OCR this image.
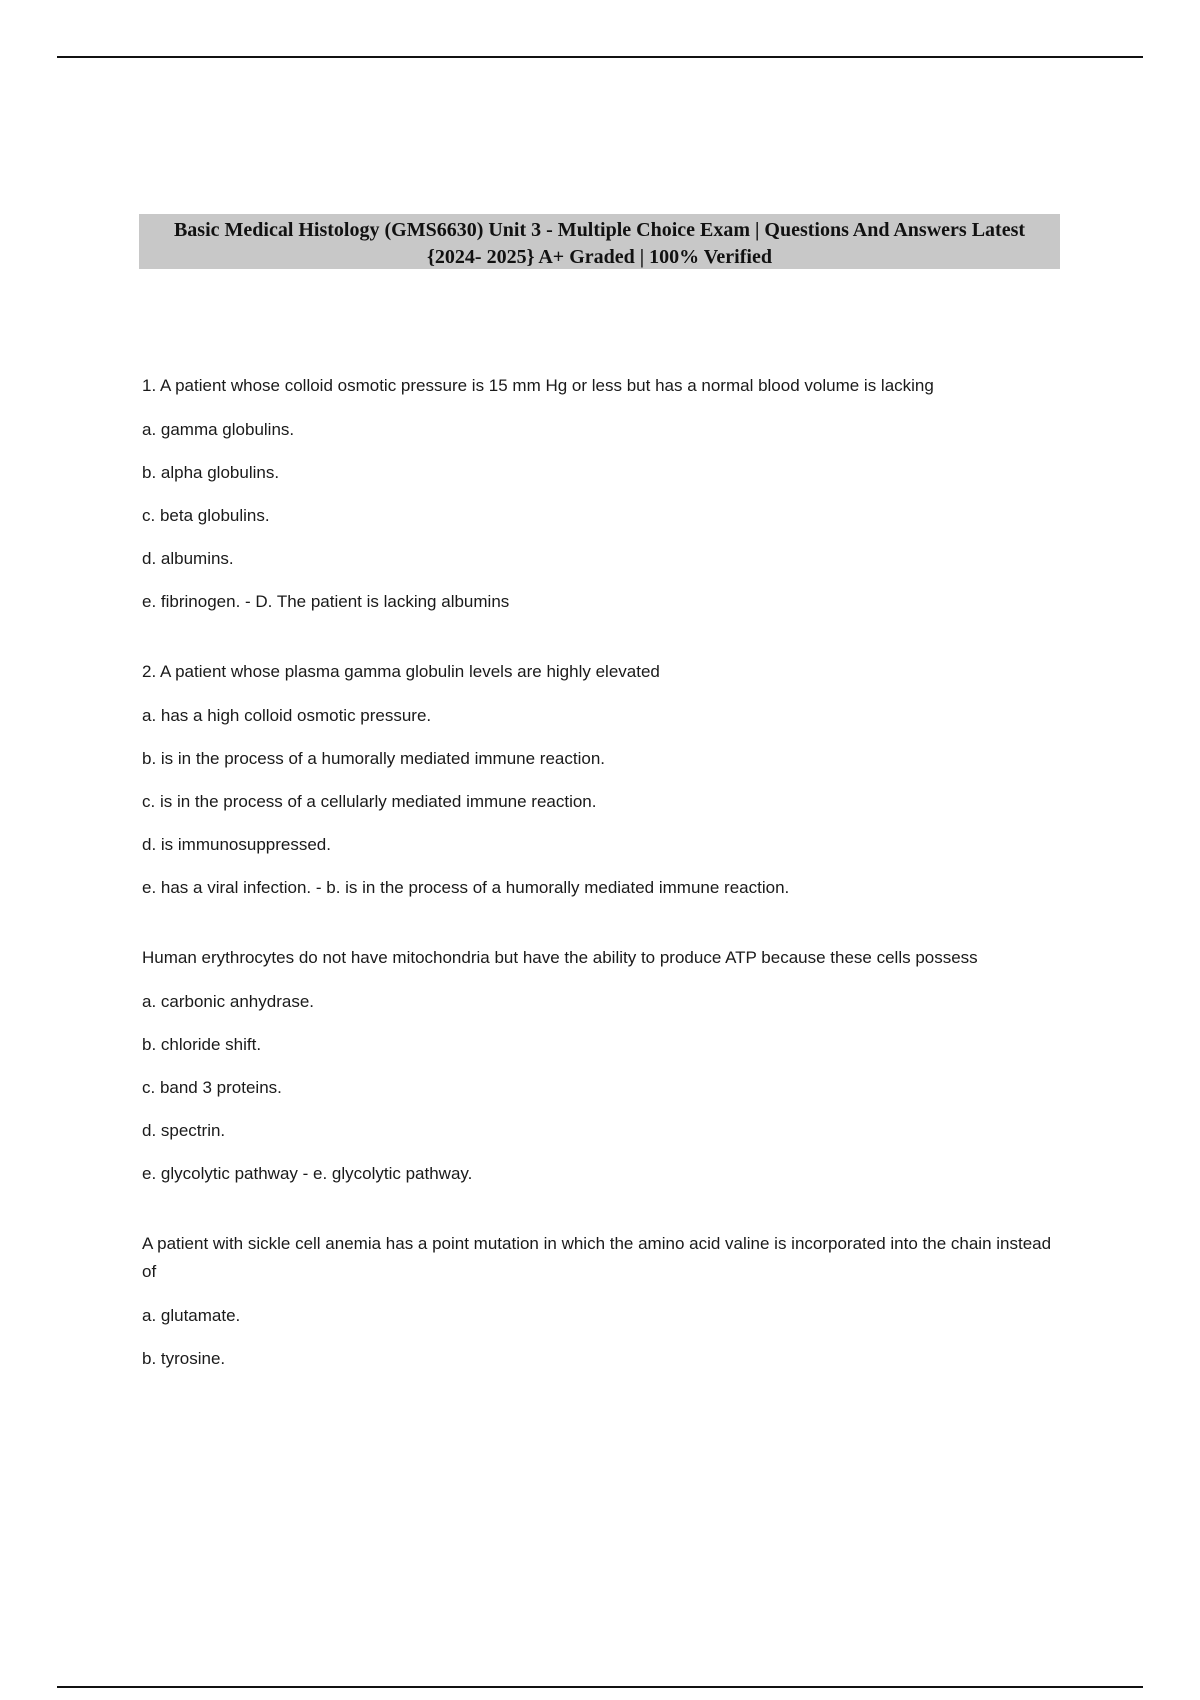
Basic Medical Histology (GMS6630) Unit 3 - Multiple Choice Exam | Questions And Answers Latest {2024- 2025} A+ Graded | 100% Verified

1. A patient whose colloid osmotic pressure is 15 mm Hg or less but has a normal blood volume is lacking

a. gamma globulins.

b. alpha globulins.

c. beta globulins.

d. albumins.

e. fibrinogen. - D. The patient is lacking albumins

2. A patient whose plasma gamma globulin levels are highly elevated

a. has a high colloid osmotic pressure.

b. is in the process of a humorally mediated immune reaction.

c. is in the process of a cellularly mediated immune reaction.

d. is immunosuppressed.

e. has a viral infection. - b. is in the process of a humorally mediated immune reaction.

Human erythrocytes do not have mitochondria but have the ability to produce ATP because these cells possess

a. carbonic anhydrase.

b. chloride shift.

c. band 3 proteins.

d. spectrin.

e. glycolytic pathway - e. glycolytic pathway.

A patient with sickle cell anemia has a point mutation in which the amino acid valine is incorporated into the chain instead of

a. glutamate.

b. tyrosine.
